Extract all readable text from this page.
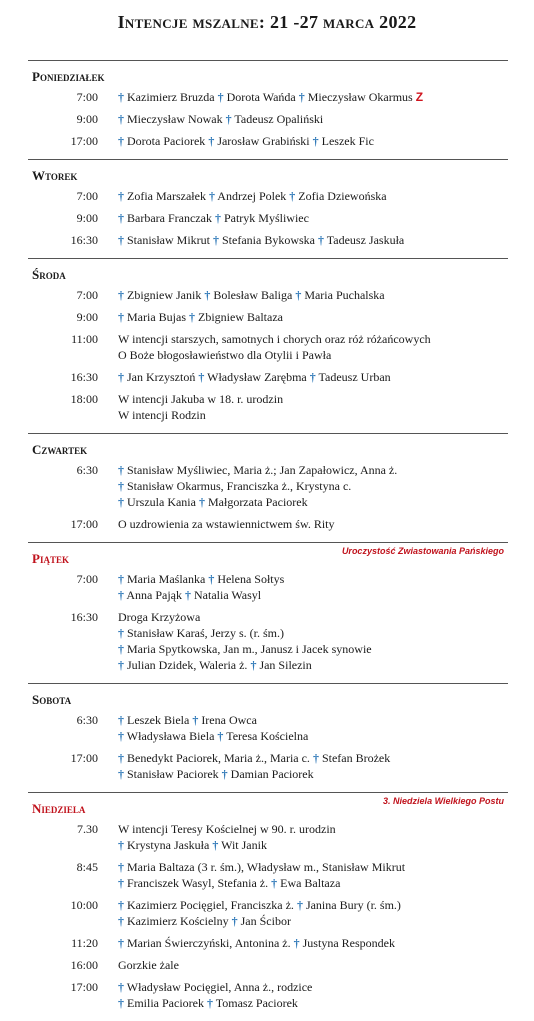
Intencje mszalne: 21 -27 marca 2022
Poniedziałek
7:00	† Kazimierz Bruzda † Dorota Wańda † Mieczysław Okarmus Z
9:00	† Mieczysław Nowak † Tadeusz Opaliński
17:00	† Dorota Paciorek † Jarosław Grabiński † Leszek Fic
Wtorek
7:00	† Zofia Marszałek † Andrzej Polek † Zofia Dziewońska
9:00	† Barbara Franczak † Patryk Myśliwiec
16:30	† Stanisław Mikrut † Stefania Bykowska † Tadeusz Jaskuła
Środa
7:00	† Zbigniew Janik † Bolesław Baliga † Maria Puchalska
9:00	† Maria Bujas † Zbigniew Baltaza
11:00	W intencji starszych, samotnych i chorych oraz róż różańcowych
O Boże błogosławieństwo dla Otylii i Pawła
16:30	† Jan Krzysztoń † Władysław Zarębma † Tadeusz Urban
18:00	W intencji Jakuba w 18. r. urodzin
W intencji Rodzin
Czwartek
6:30	† Stanisław Myśliwiec, Maria ż.; Jan Zapałowicz, Anna ż.
† Stanisław Okarmus, Franciszka ż., Krystyna c.
† Urszula Kania † Małgorzata Paciorek
17:00	O uzdrowienia za wstawiennictwem św. Rity
Piątek	Uroczystość Zwiastowania Pańskiego
7:00	† Maria Maślanka † Helena Sołtys
† Anna Pająk † Natalia Wasyl
16:30	Droga Krzyżowa
† Stanisław Karaś, Jerzy s. (r. śm.)
† Maria Spytkowska, Jan m., Janusz i Jacek synowie
† Julian Dzidek, Waleria ż. † Jan Silezin
Sobota
6:30	† Leszek Biela † Irena Owca
† Władysława Biela † Teresa Kościelna
17:00	† Benedykt Paciorek, Maria ż., Maria c. † Stefan Brożek
† Stanisław Paciorek † Damian Paciorek
Niedziela	3. Niedziela Wielkiego Postu
7.30	W intencji Teresy Kościelnej w 90. r. urodzin
† Krystyna Jaskuła † Wit Janik
8:45	† Maria Baltaza (3 r. śm.), Władysław m., Stanisław Mikrut
† Franciszek Wasyl, Stefania ż. † Ewa Baltaza
10:00	† Kazimierz Pocięgiel, Franciszka ż. † Janina Bury (r. śm.)
† Kazimierz Kościelny † Jan Ścibor
11:20	† Marian Świerczyński, Antonina ż. † Justyna Respondek
16:00	Gorzkie żale
17:00	† Władysław Pocięgiel, Anna ż., rodzice
† Emilia Paciorek † Tomasz Paciorek
